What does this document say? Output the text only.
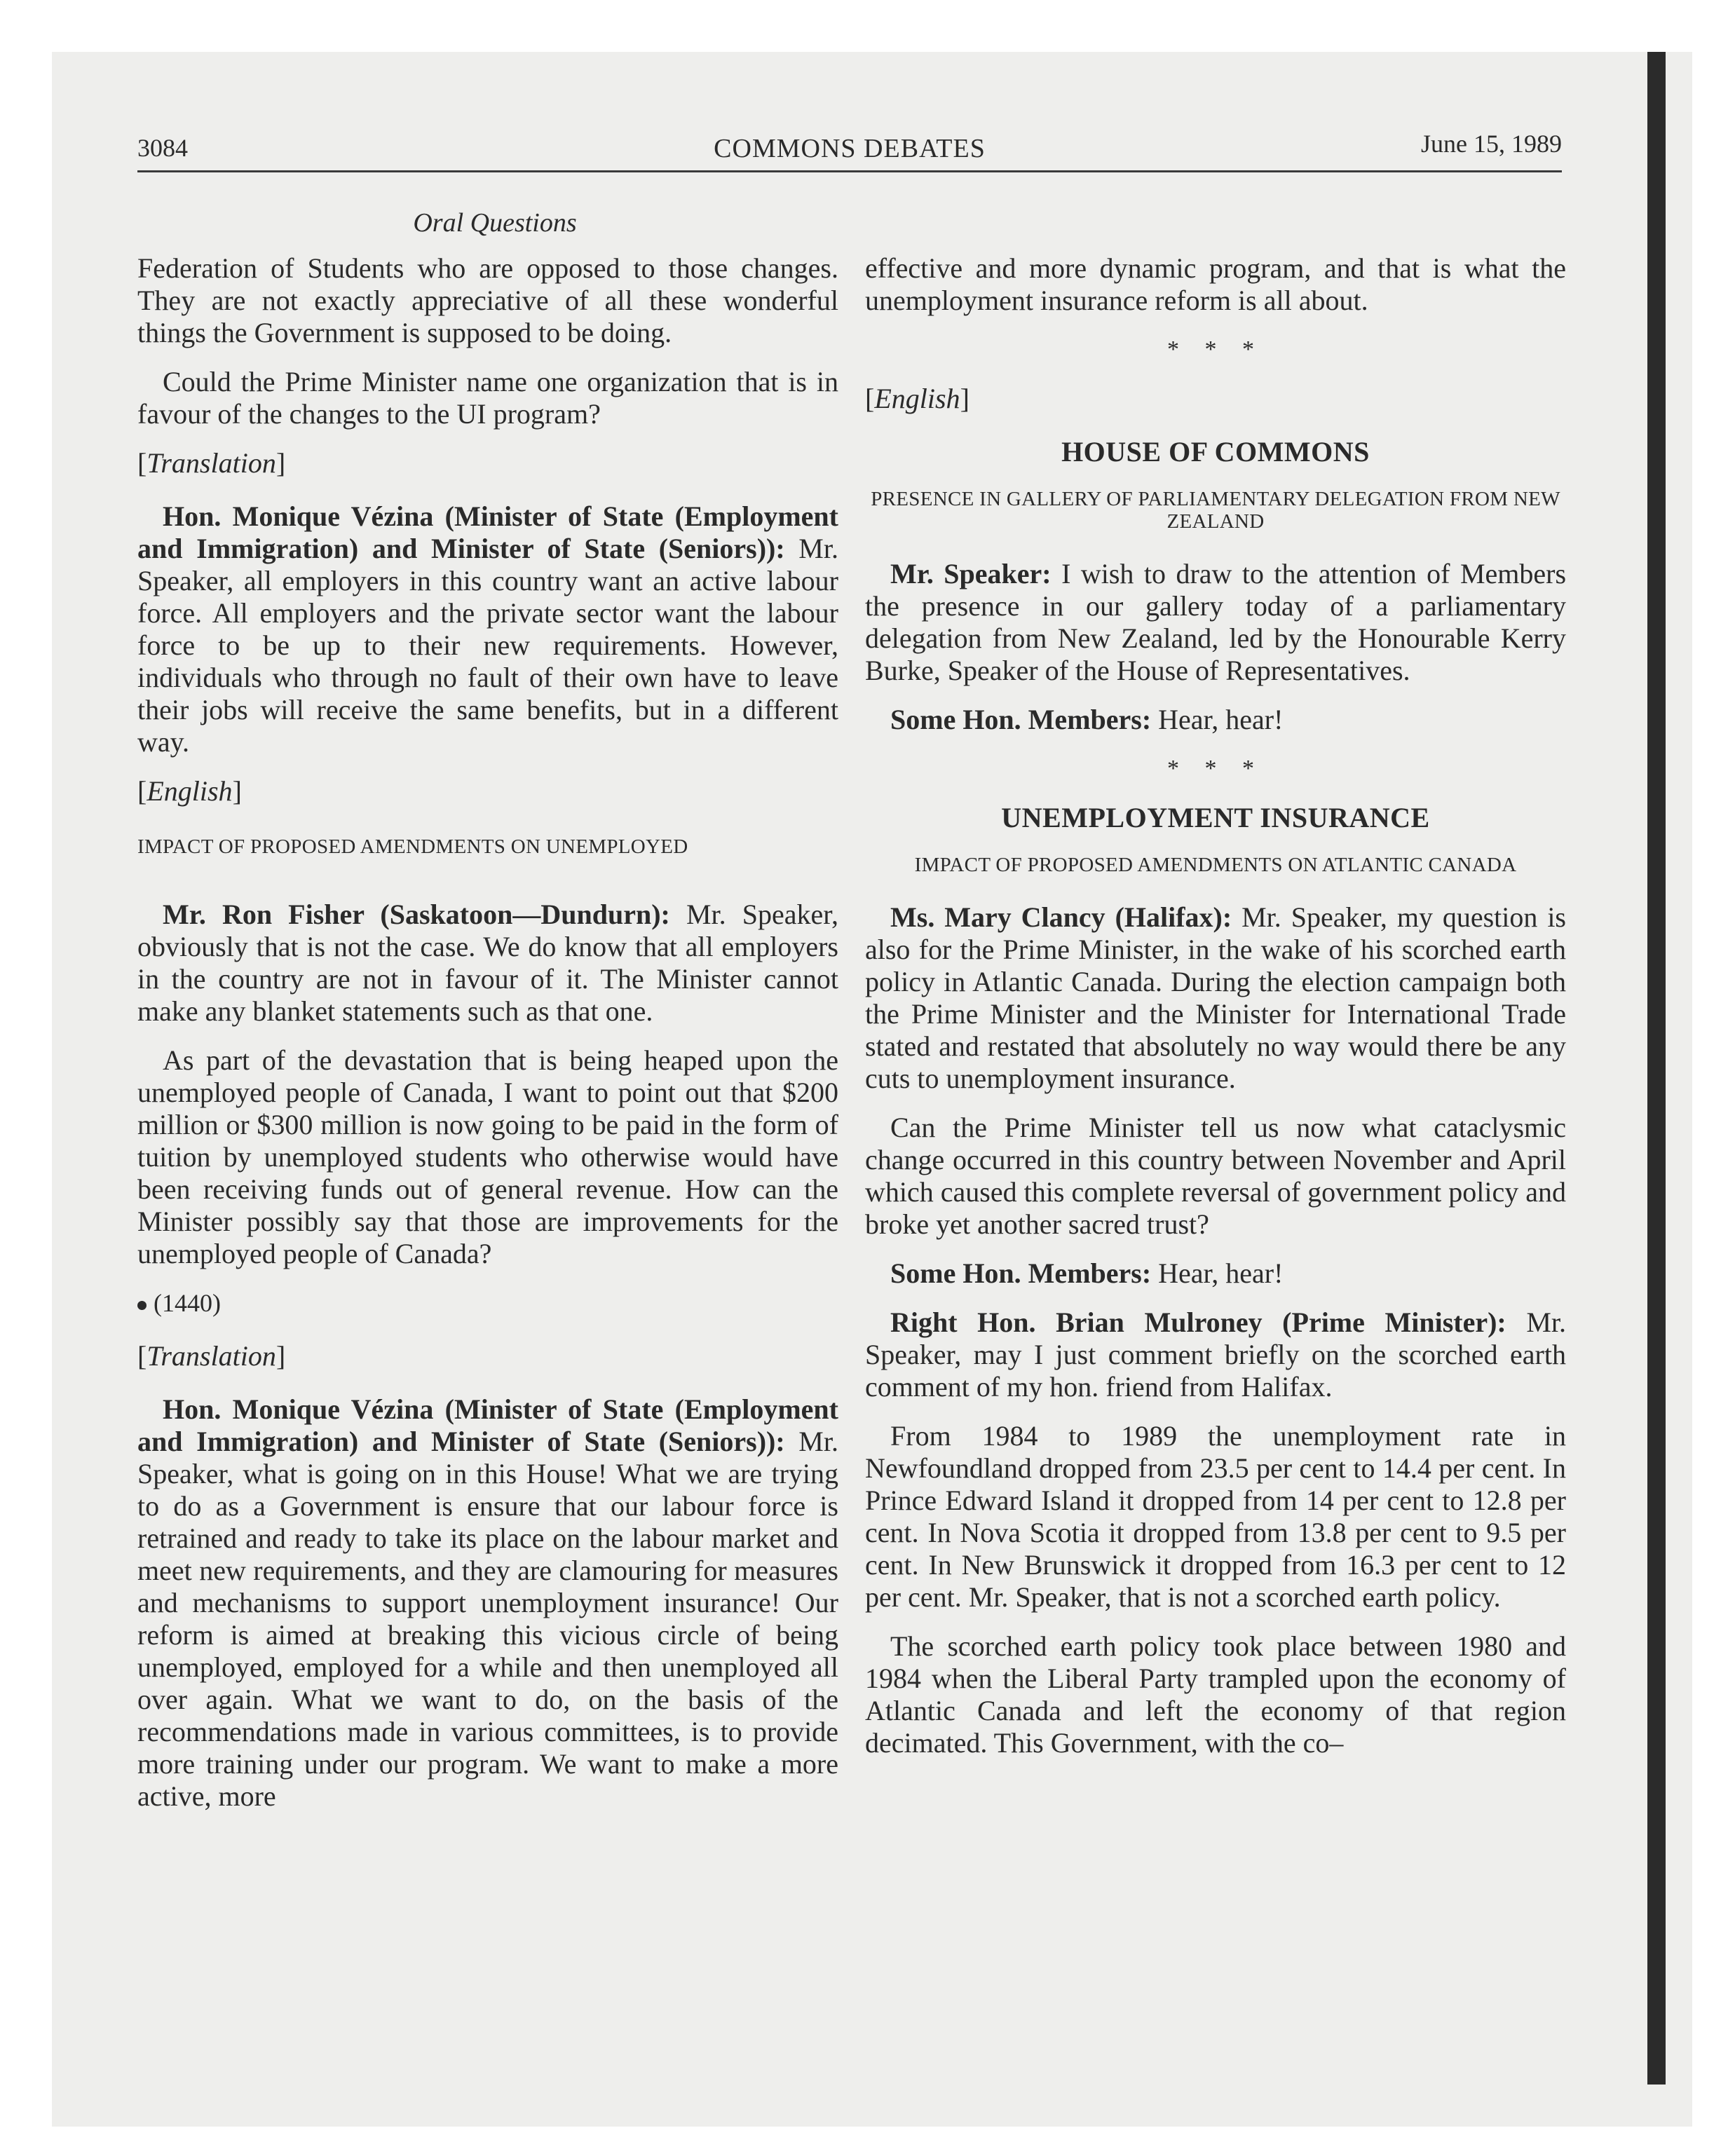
3084	COMMONS DEBATES	June 15, 1989
Oral Questions

Federation of Students who are opposed to those changes. They are not exactly appreciative of all these wonderful things the Government is supposed to be doing.

Could the Prime Minister name one organization that is in favour of the changes to the UI program?

[ Translation ]

Hon. Monique Vézina (Minister of State (Employment and Immigration) and Minister of State (Seniors)): Mr. Speaker, all employers in this country want an active labour force. All employers and the private sector want the labour force to be up to their new requirements. However, individuals who through no fault of their own have to leave their jobs will receive the same benefits, but in a different way.

[ English ]
IMPACT OF PROPOSED AMENDMENTS ON UNEMPLOYED

Mr. Ron Fisher (Saskatoon—Dundurn): Mr. Speaker, obviously that is not the case. We do know that all employers in the country are not in favour of it. The Minister cannot make any blanket statements such as that one.

As part of the devastation that is being heaped upon the unemployed people of Canada, I want to point out that $200 million or $300 million is now going to be paid in the form of tuition by unemployed students who otherwise would have been receiving funds out of general revenue. How can the Minister possibly say that those are improvements for the unemployed people of Canada?

(1440)
[ Translation ]

Hon. Monique Vézina (Minister of State (Employment and Immigration) and Minister of State (Seniors)): Mr. Speaker, what is going on in this House! What we are trying to do as a Government is ensure that our labour force is retrained and ready to take its place on the labour market and meet new requirements, and they are clamouring for measures and mechanisms to support unemployment insurance! Our reform is aimed at breaking this vicious circle of being unemployed, employed for a while and then unemployed all over again. What we want to do, on the basis of the recommendations made in various committees, is to provide more training under our program. We want to make a more active, more

effective and more dynamic program, and that is what the unemployment insurance reform is all about.

* * *
[ English ]
HOUSE OF COMMONS
PRESENCE IN GALLERY OF PARLIAMENTARY DELEGATION FROM NEW ZEALAND

Mr. Speaker: I wish to draw to the attention of Members the presence in our gallery today of a parliamentary delegation from New Zealand, led by the Honourable Kerry Burke, Speaker of the House of Representatives.

Some Hon. Members: Hear, hear!

* * *
UNEMPLOYMENT INSURANCE
IMPACT OF PROPOSED AMENDMENTS ON ATLANTIC CANADA

Ms. Mary Clancy (Halifax): Mr. Speaker, my question is also for the Prime Minister, in the wake of his scorched earth policy in Atlantic Canada. During the election campaign both the Prime Minister and the Minister for International Trade stated and restated that absolutely no way would there be any cuts to unemployment insurance.

Can the Prime Minister tell us now what cataclysmic change occurred in this country between November and April which caused this complete reversal of government policy and broke yet another sacred trust?

Some Hon. Members: Hear, hear!

Right Hon. Brian Mulroney (Prime Minister): Mr. Speaker, may I just comment briefly on the scorched earth comment of my hon. friend from Halifax.

From 1984 to 1989 the unemployment rate in Newfoundland dropped from 23.5 per cent to 14.4 per cent. In Prince Edward Island it dropped from 14 per cent to 12.8 per cent. In Nova Scotia it dropped from 13.8 per cent to 9.5 per cent. In New Brunswick it dropped from 16.3 per cent to 12 per cent. Mr. Speaker, that is not a scorched earth policy.

The scorched earth policy took place between 1980 and 1984 when the Liberal Party trampled upon the economy of Atlantic Canada and left the economy of that region decimated. This Government, with the co–
